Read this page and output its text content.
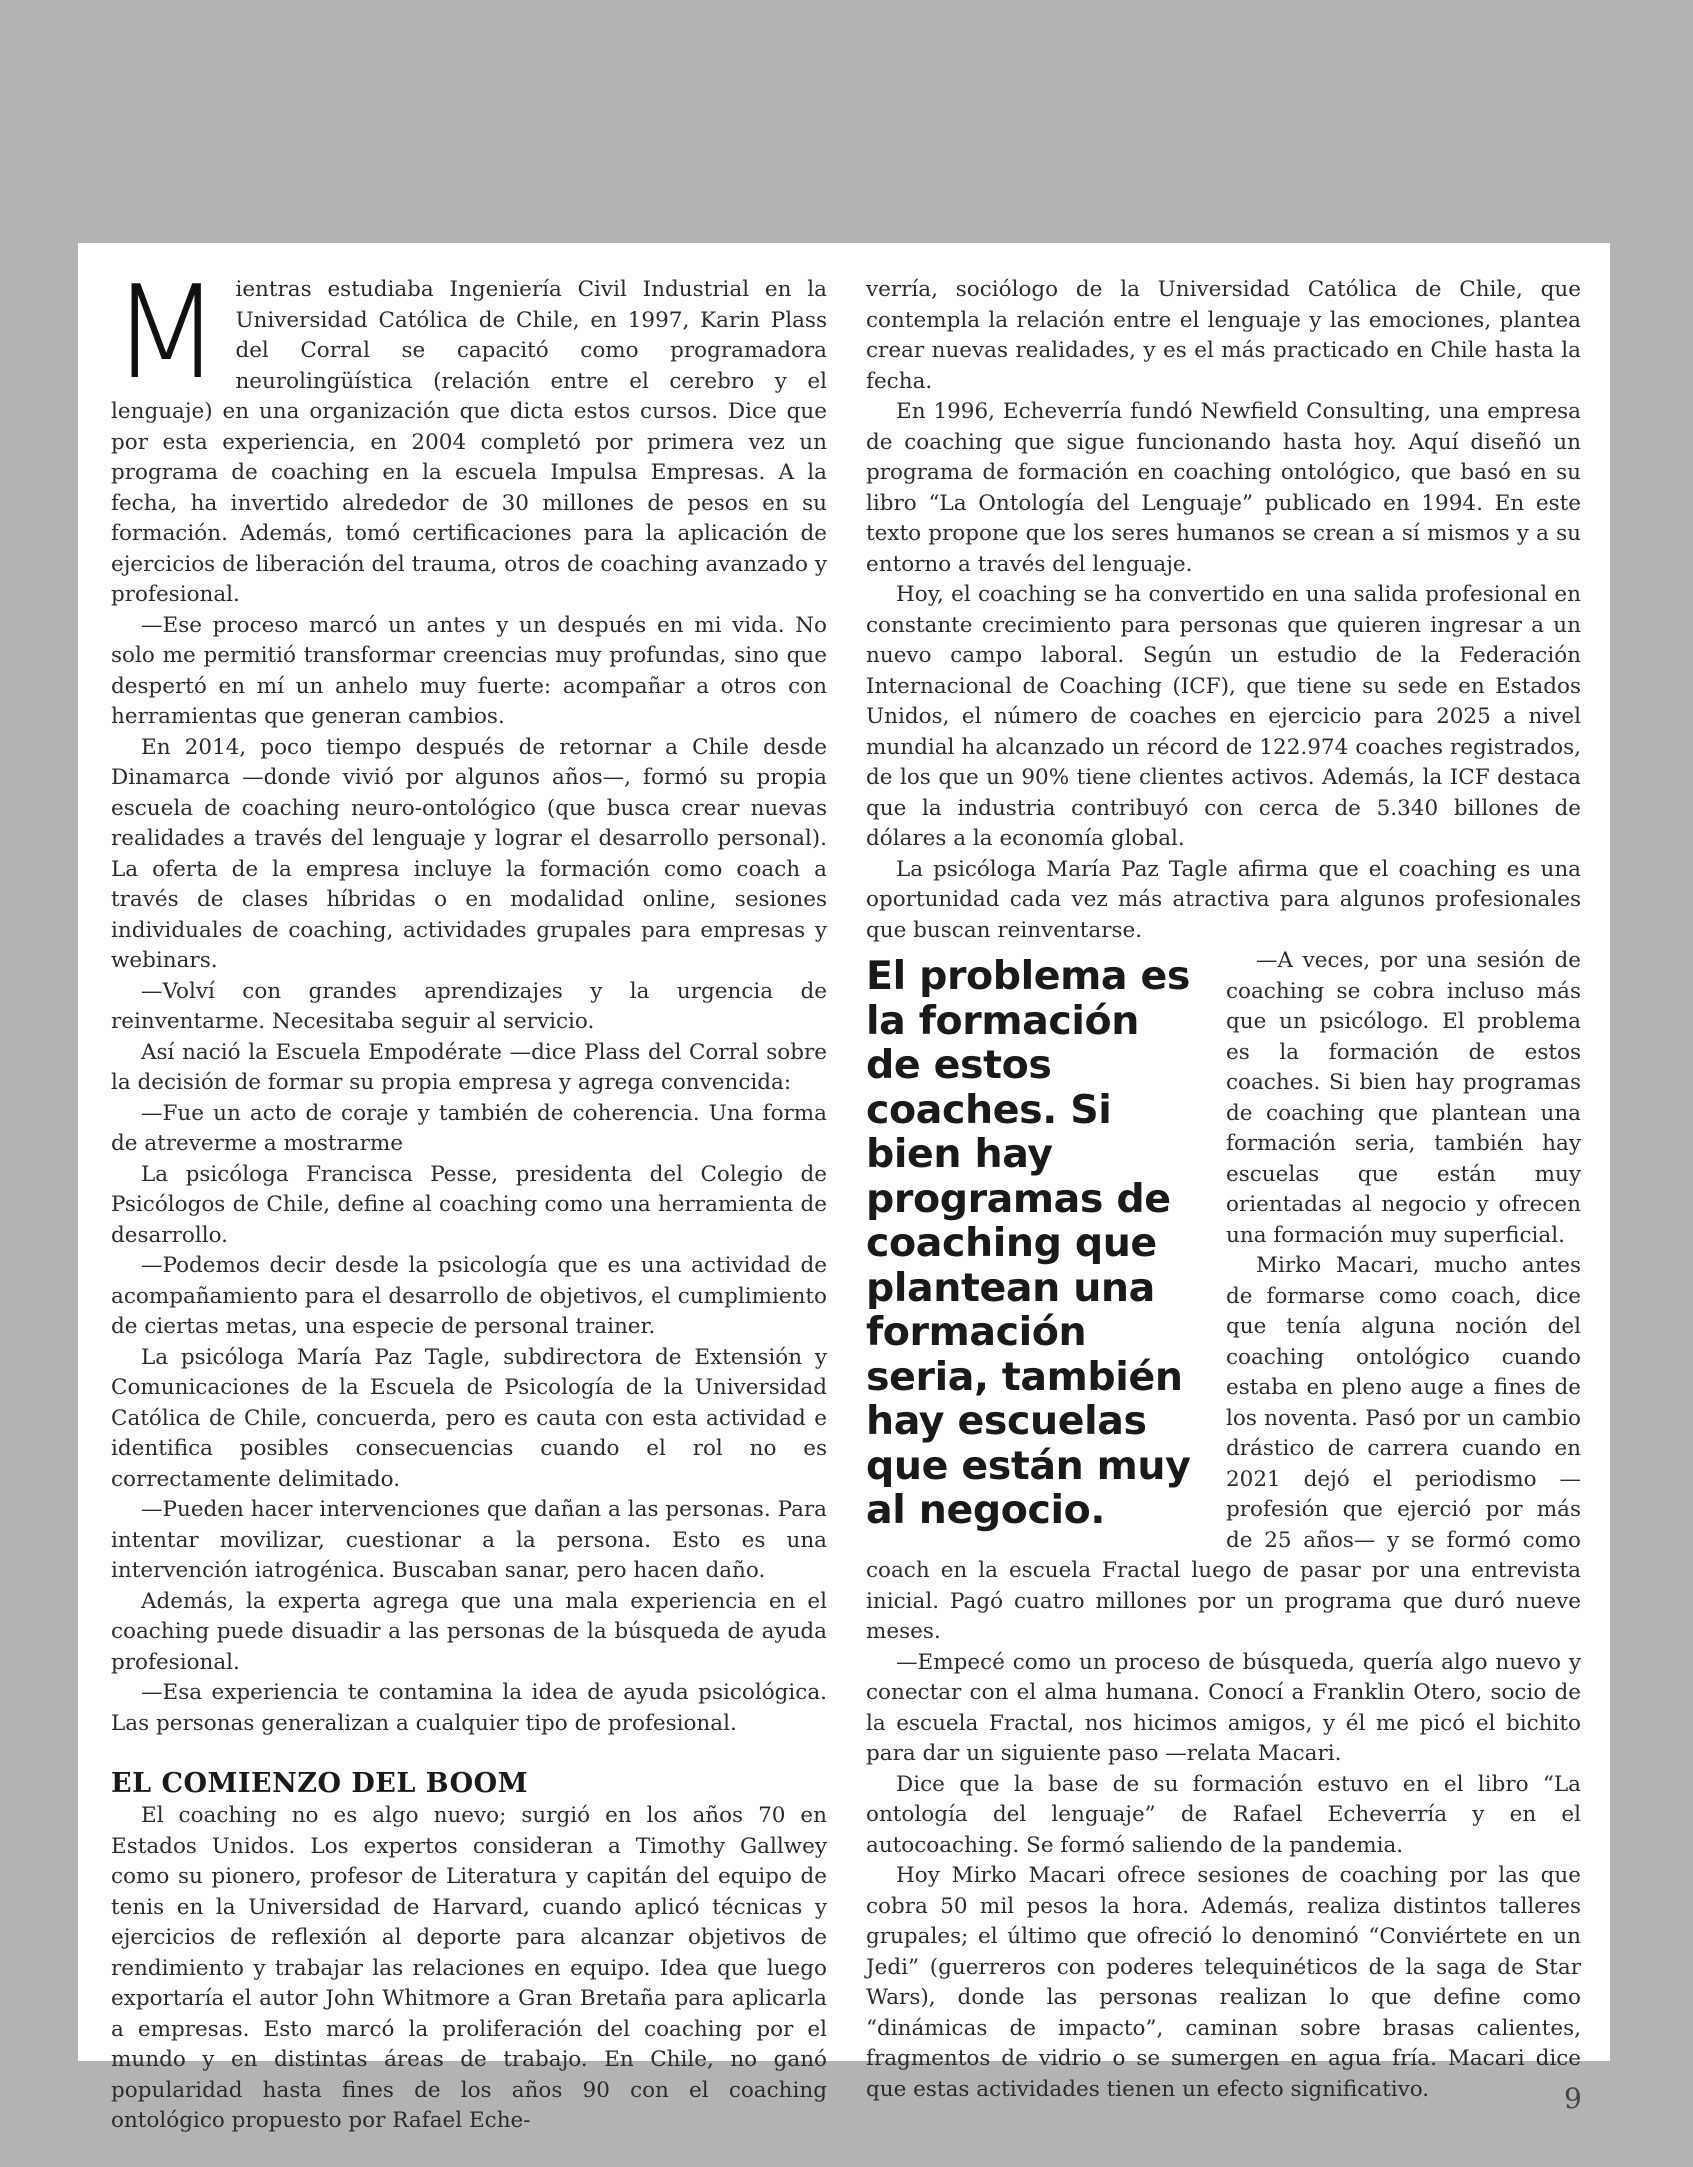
Mientras estudiaba Ingeniería Civil Industrial en la Universidad Católica de Chile, en 1997, Karin Plass del Corral se capacitó como programadora neurolingüística (relación entre el cerebro y el lenguaje) en una organización que dicta estos cursos. Dice que por esta experiencia, en 2004 completó por primera vez un programa de coaching en la escuela Impulsa Empresas. A la fecha, ha invertido alrededor de 30 millones de pesos en su formación. Además, tomó certificaciones para la aplicación de ejercicios de liberación del trauma, otros de coaching avanzado y profesional.

—Ese proceso marcó un antes y un después en mi vida. No solo me permitió transformar creencias muy profundas, sino que despertó en mí un anhelo muy fuerte: acompañar a otros con herramientas que generan cambios.

En 2014, poco tiempo después de retornar a Chile desde Dinamarca —donde vivió por algunos años—, formó su propia escuela de coaching neuro-ontológico (que busca crear nuevas realidades a través del lenguaje y lograr el desarrollo personal). La oferta de la empresa incluye la formación como coach a través de clases híbridas o en modalidad online, sesiones individuales de coaching, actividades grupales para empresas y webinars.

—Volví con grandes aprendizajes y la urgencia de reinventarme. Necesitaba seguir al servicio.

Así nació la Escuela Empodérate —dice Plass del Corral sobre la decisión de formar su propia empresa y agrega convencida:

—Fue un acto de coraje y también de coherencia. Una forma de atreverme a mostrarme

La psicóloga Francisca Pesse, presidenta del Colegio de Psicólogos de Chile, define al coaching como una herramienta de desarrollo.

—Podemos decir desde la psicología que es una actividad de acompañamiento para el desarrollo de objetivos, el cumplimiento de ciertas metas, una especie de personal trainer.

La psicóloga María Paz Tagle, subdirectora de Extensión y Comunicaciones de la Escuela de Psicología de la Universidad Católica de Chile, concuerda, pero es cauta con esta actividad e identifica posibles consecuencias cuando el rol no es correctamente delimitado.

—Pueden hacer intervenciones que dañan a las personas. Para intentar movilizar, cuestionar a la persona. Esto es una intervención iatrogénica. Buscaban sanar, pero hacen daño.

Además, la experta agrega que una mala experiencia en el coaching puede disuadir a las personas de la búsqueda de ayuda profesional.

—Esa experiencia te contamina la idea de ayuda psicológica. Las personas generalizan a cualquier tipo de profesional.

EL COMIENZO DEL BOOM

El coaching no es algo nuevo; surgió en los años 70 en Estados Unidos. Los expertos consideran a Timothy Gallwey como su pionero, profesor de Literatura y capitán del equipo de tenis en la Universidad de Harvard, cuando aplicó técnicas y ejercicios de reflexión al deporte para alcanzar objetivos de rendimiento y trabajar las relaciones en equipo. Idea que luego exportaría el autor John Whitmore a Gran Bretaña para aplicarla a empresas. Esto marcó la proliferación del coaching por el mundo y en distintas áreas de trabajo. En Chile, no ganó popularidad hasta fines de los años 90 con el coaching ontológico propuesto por Rafael Eche-

verría, sociólogo de la Universidad Católica de Chile, que contempla la relación entre el lenguaje y las emociones, plantea crear nuevas realidades, y es el más practicado en Chile hasta la fecha.

En 1996, Echeverría fundó Newfield Consulting, una empresa de coaching que sigue funcionando hasta hoy. Aquí diseñó un programa de formación en coaching ontológico, que basó en su libro “La Ontología del Lenguaje” publicado en 1994. En este texto propone que los seres humanos se crean a sí mismos y a su entorno a través del lenguaje.

Hoy, el coaching se ha convertido en una salida profesional en constante crecimiento para personas que quieren ingresar a un nuevo campo laboral. Según un estudio de la Federación Internacional de Coaching (ICF), que tiene su sede en Estados Unidos, el número de coaches en ejercicio para 2025 a nivel mundial ha alcanzado un récord de 122.974 coaches registrados, de los que un 90% tiene clientes activos. Además, la ICF destaca que la industria contribuyó con cerca de 5.340 billones de dólares a la economía global.

La psicóloga María Paz Tagle afirma que el coaching es una oportunidad cada vez más atractiva para algunos profesionales que buscan reinventarse.

El problema es la formación de estos coaches. Si bien hay programas de coaching que plantean una formación seria, también hay escuelas que están muy al negocio.

—A veces, por una sesión de coaching se cobra incluso más que un psicólogo. El problema es la formación de estos coaches. Si bien hay programas de coaching que plantean una formación seria, también hay escuelas que están muy orientadas al negocio y ofrecen una formación muy superficial.

Mirko Macari, mucho antes de formarse como coach, dice que tenía alguna noción del coaching ontológico cuando estaba en pleno auge a fines de los noventa. Pasó por un cambio drástico de carrera cuando en 2021 dejó el periodismo —profesión que ejerció por más de 25 años— y se formó como coach en la escuela Fractal luego de pasar por una entrevista inicial. Pagó cuatro millones por un programa que duró nueve meses.

—Empecé como un proceso de búsqueda, quería algo nuevo y conectar con el alma humana. Conocí a Franklin Otero, socio de la escuela Fractal, nos hicimos amigos, y él me picó el bichito para dar un siguiente paso —relata Macari.

Dice que la base de su formación estuvo en el libro “La ontología del lenguaje” de Rafael Echeverría y en el autocoaching. Se formó saliendo de la pandemia.

Hoy Mirko Macari ofrece sesiones de coaching por las que cobra 50 mil pesos la hora. Además, realiza distintos talleres grupales; el último que ofreció lo denominó “Conviértete en un Jedi” (guerreros con poderes telequinéticos de la saga de Star Wars), donde las personas realizan lo que define como “dinámicas de impacto”, caminan sobre brasas calientes, fragmentos de vidrio o se sumergen en agua fría. Macari dice que estas actividades tienen un efecto significativo.	9
